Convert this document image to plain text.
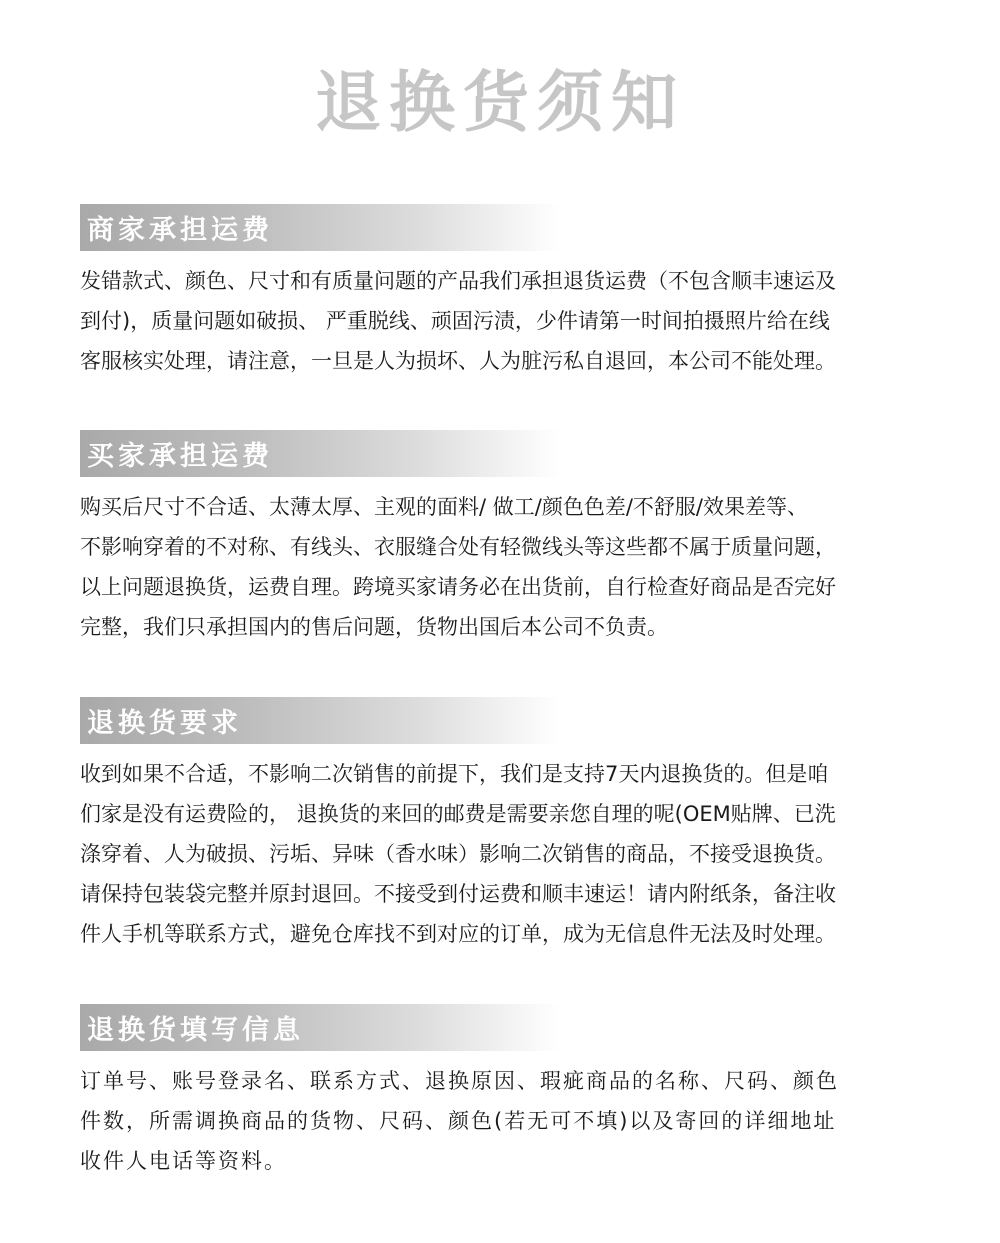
退换货须知
商家承担运费
发错款式、颜色、尺寸和有质量问题的产品我们承担退货运费（不包含顺丰速运及
到付)，质量问题如破损、 严重脱线、顽固污渍，少件请第一时间拍摄照片给在线
客服核实处理，请注意，一旦是人为损坏、人为脏污私自退回，本公司不能处理。
买家承担运费
购买后尺寸不合适、太薄太厚、主观的面料/ 做工/颜色色差/不舒服/效果差等、
不影响穿着的不对称、有线头、衣服缝合处有轻微线头等这些都不属于质量问题，
以上问题退换货，运费自理。跨境买家请务必在出货前，自行检查好商品是否完好
完整，我们只承担国内的售后问题，货物出国后本公司不负责。
退换货要求
收到如果不合适，不影响二次销售的前提下，我们是支持7天内退换货的。但是咱
们家是没有运费险的， 退换货的来回的邮费是需要亲您自理的呢(OEM贴牌、已洗
涤穿着、人为破损、污垢、异味（香水味）影响二次销售的商品，不接受退换货。
请保持包装袋完整并原封退回。不接受到付运费和顺丰速运！请内附纸条，备注收
件人手机等联系方式，避免仓库找不到对应的订单，成为无信息件无法及时处理。
退换货填写信息
订单号、账号登录名、联系方式、退换原因、瑕疵商品的名称、尺码、颜色
件数，所需调换商品的货物、尺码、颜色(若无可不填)以及寄回的详细地址
收件人电话等资料。
